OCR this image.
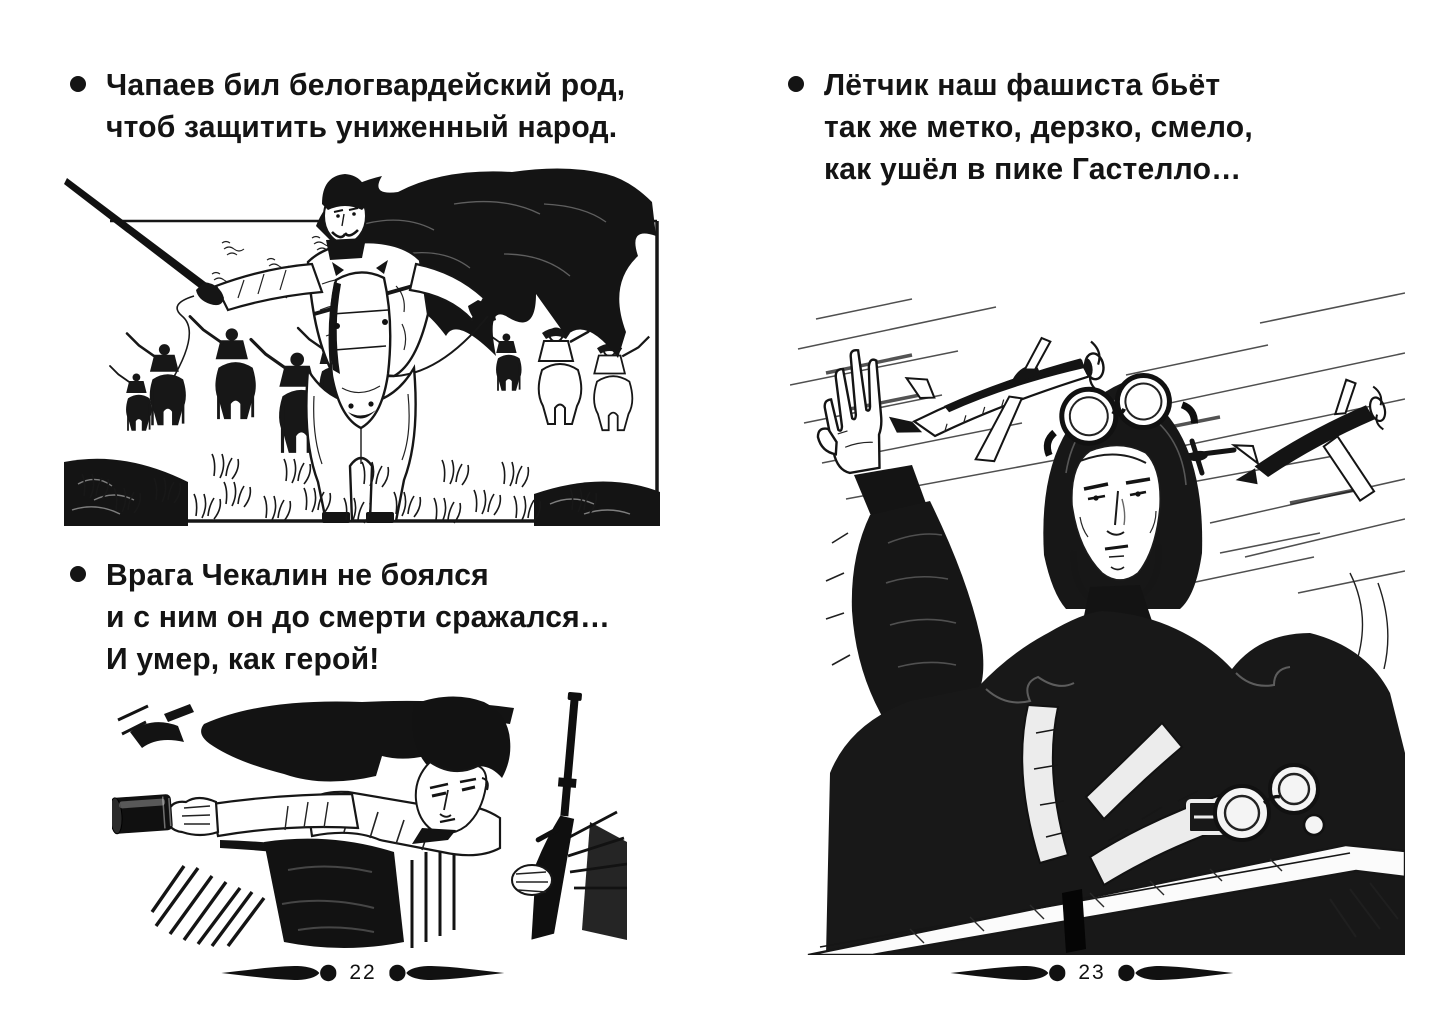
Чапаев бил белогвардейский род,
чтоб защитить униженный народ.
Врага Чекалин не боялся
и с ним он до смерти сражался…
И умер, как герой!
22
Лётчик наш фашиста бьёт
так же метко, дерзко, смело,
как ушёл в пике Гастелло…
23
